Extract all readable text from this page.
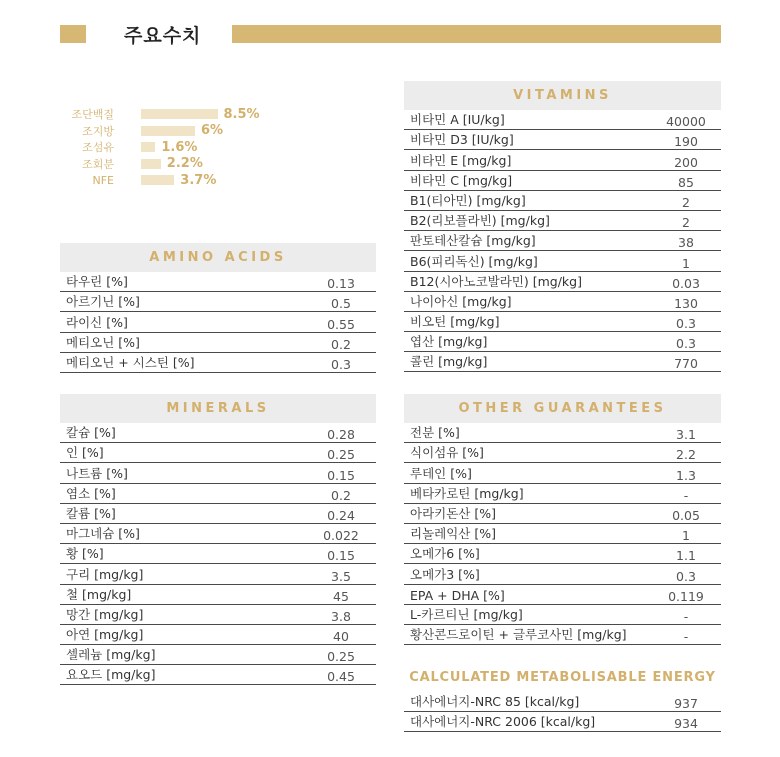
주요수치
조단백질	8.5%
조지방	6%
조섬유	1.6%
조회분	2.2%
NFE	3.7%
AMINO ACIDS
타우린 [%]	0.13
아르기닌 [%]	0.5
라이신 [%]	0.55
메티오닌 [%]	0.2
메티오닌 + 시스틴 [%]	0.3
MINERALS
칼슘 [%]	0.28
인 [%]	0.25
나트륨 [%]	0.15
염소 [%]	0.2
칼륨 [%]	0.24
마그네슘 [%]	0.022
황 [%]	0.15
구리 [mg/kg]	3.5
철 [mg/kg]	45
망간 [mg/kg]	3.8
아연 [mg/kg]	40
셀레늄 [mg/kg]	0.25
요오드 [mg/kg]	0.45
VITAMINS
비타민 A [IU/kg]	40000
비타민 D3 [IU/kg]	190
비타민 E [mg/kg]	200
비타민 C [mg/kg]	85
B1(티아민) [mg/kg]	2
B2(리보플라빈) [mg/kg]	2
판토테산칼슘 [mg/kg]	38
B6(피리독신) [mg/kg]	1
B12(시아노코발라민) [mg/kg]	0.03
나이아신 [mg/kg]	130
비오틴 [mg/kg]	0.3
엽산 [mg/kg]	0.3
콜린 [mg/kg]	770
OTHER GUARANTEES
전분 [%]	3.1
식이섬유 [%]	2.2
루테인 [%]	1.3
베타카로틴 [mg/kg]	-
아라키돈산 [%]	0.05
리놀레익산 [%]	1
오메가6 [%]	1.1
오메가3 [%]	0.3
EPA + DHA [%]	0.119
L-카르티닌 [mg/kg]	-
황산콘드로이틴 + 글루코사민 [mg/kg]	-
CALCULATED METABOLISABLE ENERGY
대사에너지-NRC 85 [kcal/kg]	937
대사에너지-NRC 2006 [kcal/kg]	934
